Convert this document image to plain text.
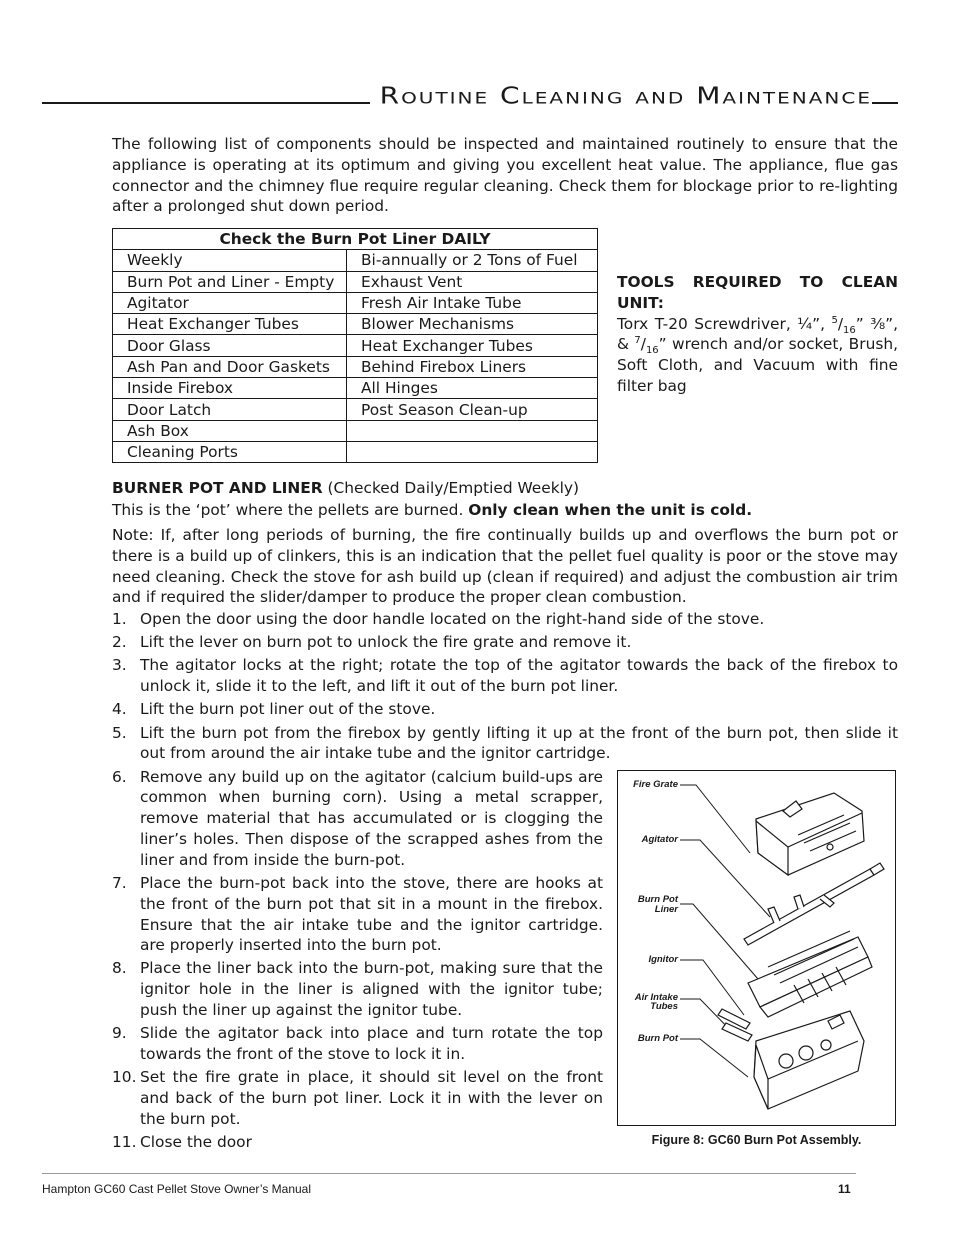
Routine Cleaning and Maintenance

The following list of components should be inspected and maintained routinely to ensure that the appliance is operating at its optimum and giving you excellent heat value. The appliance, flue gas connector and the chimney flue require regular cleaning. Check them for blockage prior to re-lighting after a prolonged shut down period.

Check the Burn Pot Liner DAILY	
Weekly	Bi-annually or 2 Tons of Fuel
Burn Pot and Liner - Empty	Exhaust Vent
Agitator	Fresh Air Intake Tube
Heat Exchanger Tubes	Blower Mechanisms
Door Glass	Heat Exchanger Tubes
Ash Pan and Door Gaskets	Behind Firebox Liners
Inside Firebox	All Hinges
Door Latch	Post Season Clean-up
Ash Box	
Cleaning Ports	
TOOLS REQUIRED TO CLEAN
UNIT:
Torx T-20 Screwdriver, ¼”, $^5/_{16}$” ⅜”, & $^7/_{16}$” wrench and/or socket, Brush, Soft Cloth, and Vacuum with fine filter bag

BURNER POT AND LINER (Checked Daily/Emptied Weekly)

This is the ‘pot’ where the pellets are burned. Only clean when the unit is cold.

Note: If, after long periods of burning, the fire continually builds up and overflows the burn pot or there is a build up of clinkers, this is an indication that the pellet fuel quality is poor or the stove may need cleaning. Check the stove for ash build up (clean if required) and adjust the combustion air trim and if required the slider/damper to produce the proper clean combustion.

1. Open the door using the door handle located on the right-hand side of the stove.
2. Lift the lever on burn pot to unlock the fire grate and remove it.
3. The agitator locks at the right; rotate the top of the agitator towards the back of the firebox to unlock it, slide it to the left, and lift it out of the burn pot liner.
4. Lift the burn pot liner out of the stove.
5. Lift the burn pot from the firebox by gently lifting it up at the front of the burn pot, then slide it out from around the air intake tube and the ignitor cartridge.
6. Remove any build up on the agitator (calcium build-ups are common when burning corn). Using a metal scrapper, remove material that has accumulated or is clogging the liner’s holes. Then dispose of the scrapped ashes from the liner and from inside the burn-pot.
7. Place the burn-pot back into the stove, there are hooks at the front of the burn pot that sit in a mount in the firebox. Ensure that the air intake tube and the ignitor cartridge. are properly inserted into the burn pot.
8. Place the liner back into the burn-pot, making sure that the ignitor hole in the liner is aligned with the ignitor tube; push the liner up against the ignitor tube.
9. Slide the agitator back into place and turn rotate the top towards the front of the stove to lock it in.
10. Set the fire grate in place, it should sit level on the front and back of the burn pot liner. Lock it in with the lever on the burn pot.
11. Close the door
Fire Grate
Agitator
Burn Pot
Liner
Ignitor
Air Intake
Tubes
Burn Pot
Figure 8: GC60 Burn Pot Assembly.
Hampton GC60 Cast Pellet Stove Owner’s Manual	11
